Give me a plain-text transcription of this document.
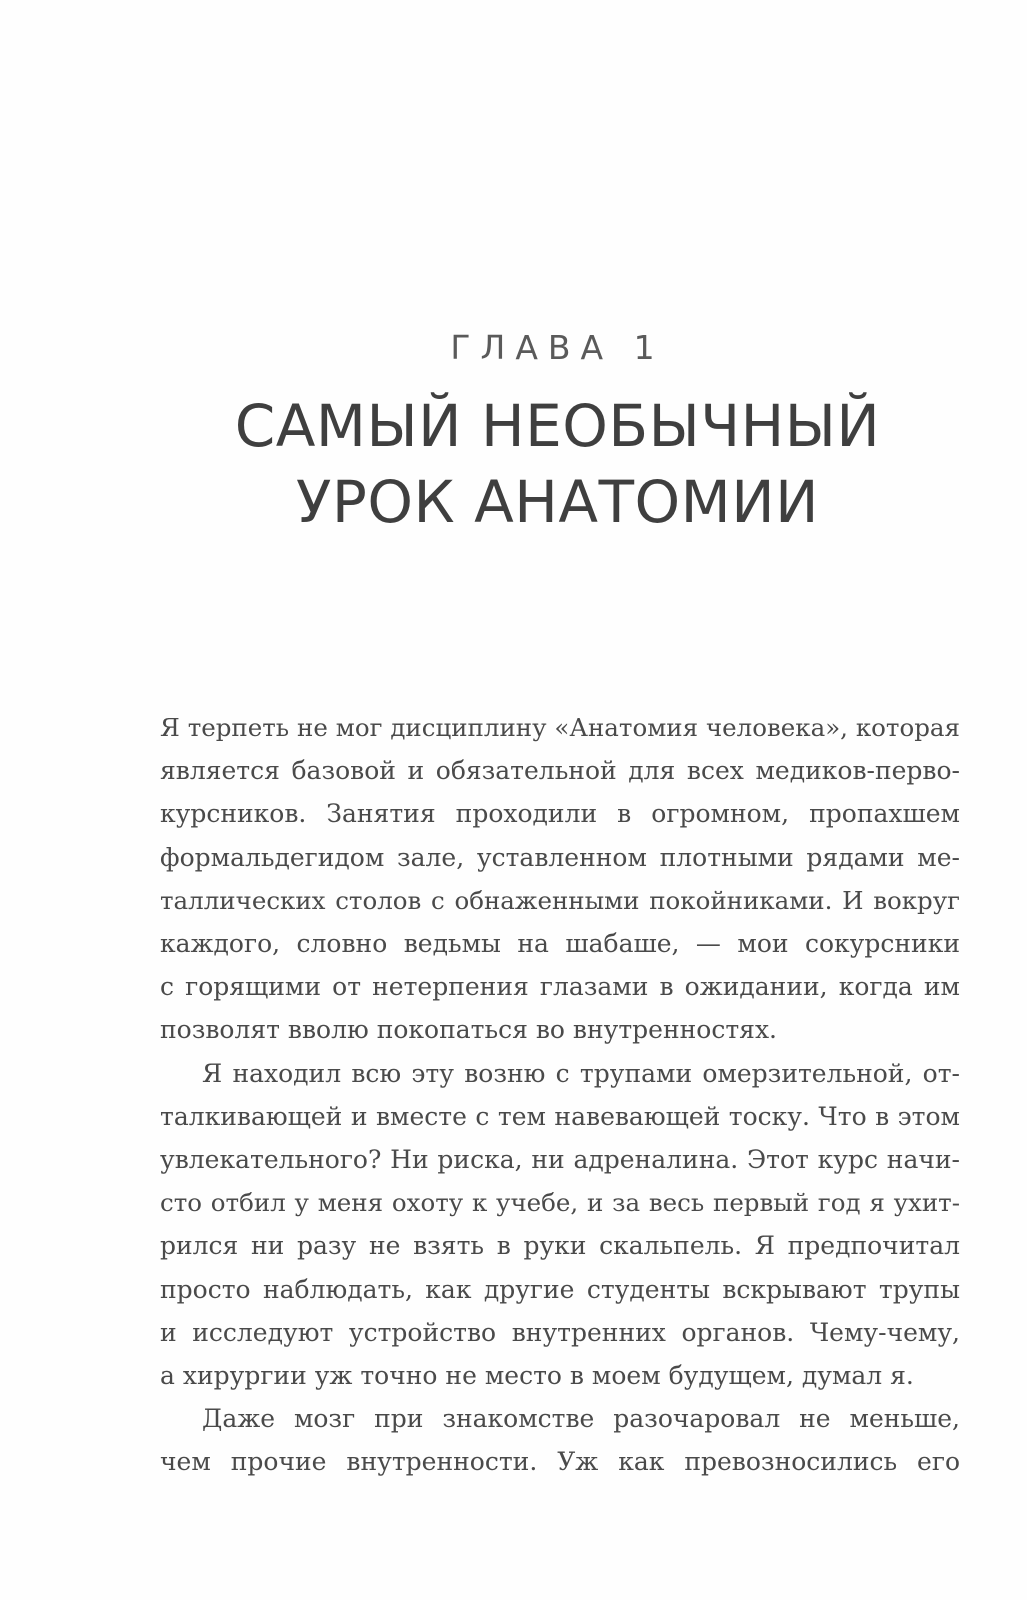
ГЛАВА 1
САМЫЙ НЕОБЫЧНЫЙ
УРОК АНАТОМИИ
Я терпеть не мог дисциплину «Анатомия человека», которая
является базовой и обязательной для всех медиков-перво-
курсников. Занятия проходили в огромном, пропахшем
формальдегидом зале, уставленном плотными рядами ме-
таллических столов с обнаженными покойниками. И вокруг
каждого, словно ведьмы на шабаше, — мои сокурсники
с горящими от нетерпения глазами в ожидании, когда им
позволят вволю покопаться во внутренностях.
Я находил всю эту возню с трупами омерзительной, от-
талкивающей и вместе с тем навевающей тоску. Что в этом
увлекательного? Ни риска, ни адреналина. Этот курс начи-
сто отбил у меня охоту к учебе, и за весь первый год я ухит-
рился ни разу не взять в руки скальпель. Я предпочитал
просто наблюдать, как другие студенты вскрывают трупы
и исследуют устройство внутренних органов. Чему-чему,
а хирургии уж точно не место в моем будущем, думал я.
Даже мозг при знакомстве разочаровал не меньше,
чем прочие внутренности. Уж как превозносились его
